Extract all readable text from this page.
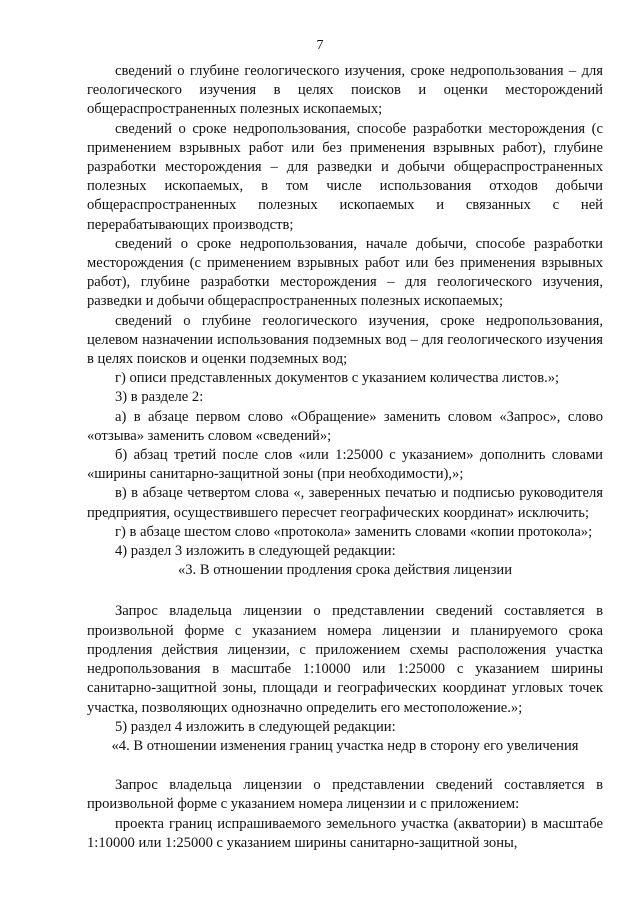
7

сведений о глубине геологического изучения, сроке недропользования – для геологического изучения в целях поисков и оценки месторождений общераспространенных полезных ископаемых;

сведений о сроке недропользования, способе разработки месторождения (с применением взрывных работ или без применения взрывных работ), глубине разработки месторождения – для разведки и добычи общераспространенных полезных ископаемых, в том числе использования отходов добычи общераспространенных полезных ископаемых и связанных с ней перерабатывающих производств;

сведений о сроке недропользования, начале добычи, способе разработки месторождения (с применением взрывных работ или без применения взрывных работ), глубине разработки месторождения – для геологического изучения, разведки и добычи общераспространенных полезных ископаемых;

сведений о глубине геологического изучения, сроке недропользования, целевом назначении использования подземных вод – для геологического изучения в целях поисков и оценки подземных вод;

г) описи представленных документов с указанием количества листов.»;

3) в разделе 2:

а) в абзаце первом слово «Обращение» заменить словом «Запрос», слово «отзыва» заменить словом «сведений»;

б) абзац третий после слов «или 1:25000 с указанием» дополнить словами «ширины санитарно-защитной зоны (при необходимости),»;

в) в абзаце четвертом слова «, заверенных печатью и подписью руководителя предприятия, осуществившего пересчет географических координат» исключить;

г) в абзаце шестом слово «протокола» заменить словами «копии протокола»;

4) раздел 3 изложить в следующей редакции:

«3. В отношении продления срока действия лицензии

Запрос владельца лицензии о представлении сведений составляется в произвольной форме с указанием номера лицензии и планируемого срока продления действия лицензии, с приложением схемы расположения участка недропользования в масштабе 1:10000 или 1:25000 с указанием ширины санитарно-защитной зоны, площади и географических координат угловых точек участка, позволяющих однозначно определить его местоположение.»;

5) раздел 4 изложить в следующей редакции:

«4. В отношении изменения границ участка недр в сторону его увеличения

Запрос владельца лицензии о представлении сведений составляется в произвольной форме с указанием номера лицензии и с приложением:

проекта границ испрашиваемого земельного участка (акватории) в масштабе 1:10000 или 1:25000 с указанием ширины санитарно-защитной зоны,
